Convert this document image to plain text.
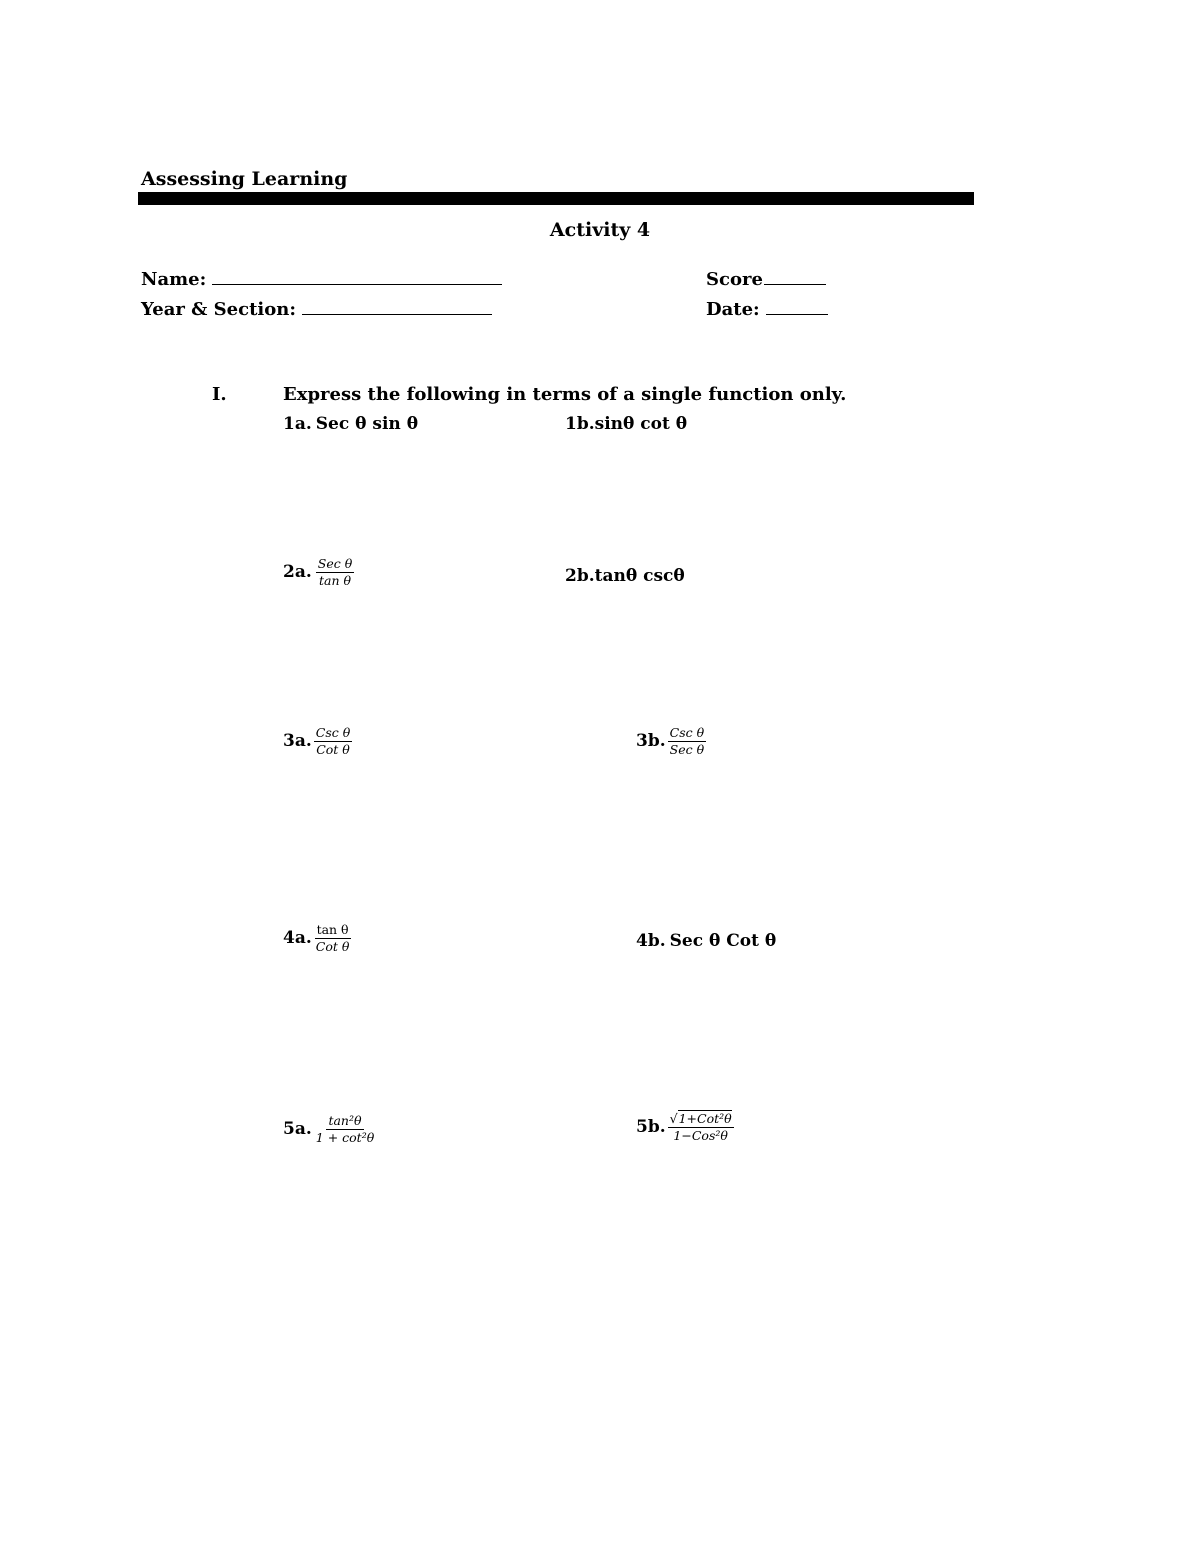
Assessing Learning
Activity 4
Name:	Score
Year & Section:	Date:
I.	Express the following in terms of a single function only.
1a. Sec θ sin θ	1b. sinθ cot θ
2a. $\frac{\text{Sec θ}}{\text{tan θ}}$	2b. tanθ cscθ
3a. $\frac{\text{Csc θ}}{\text{Cot θ}}$	3b. $\frac{\text{Csc θ}}{\text{Sec θ}}$
4a. $\frac{\text{tan θ}}{\text{Cot θ}}$	4b. Sec θ Cot θ
5a. $\frac{\text{tan²θ}}{\text{1 + cot²θ}}$	5b. $\frac{\text{√1+Cot²θ}}{\text{1−Cos²θ}}$
